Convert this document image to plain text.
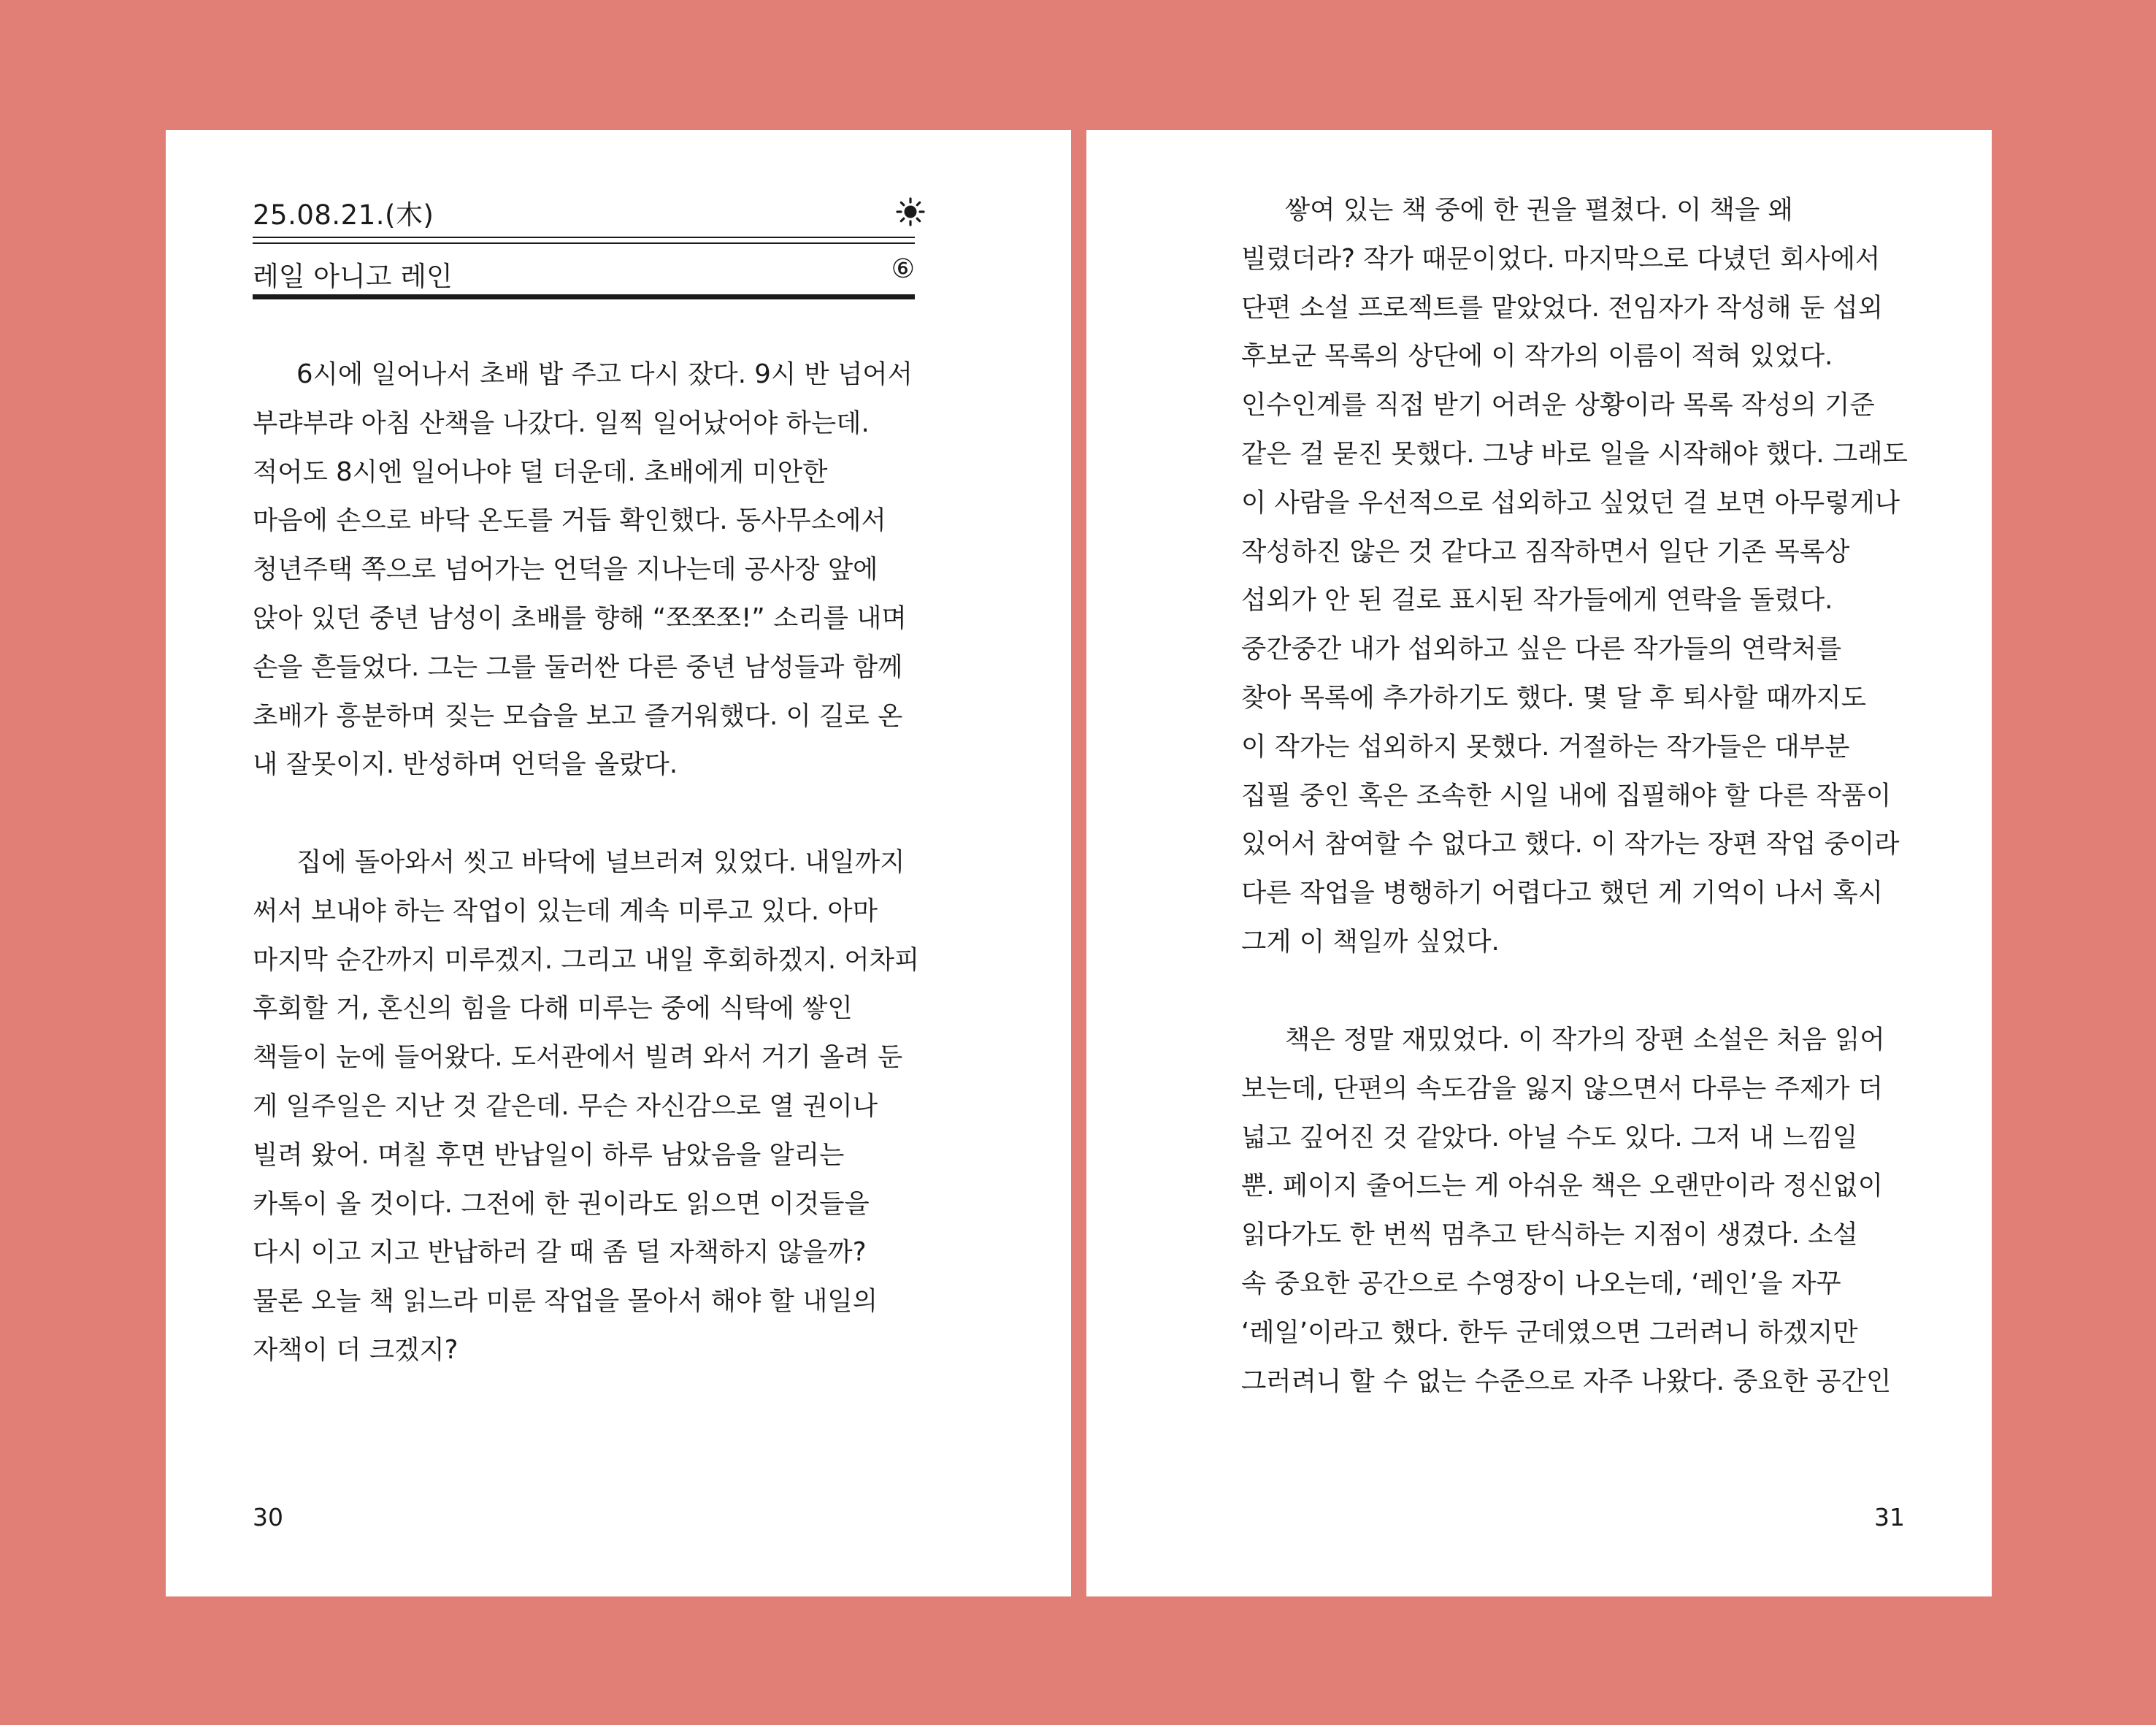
25.08.21.(木)
레일 아니고 레인	⑥
6시에 일어나서 초배 밥 주고 다시 잤다. 9시 반 넘어서
부랴부랴 아침 산책을 나갔다. 일찍 일어났어야 하는데.
적어도 8시엔 일어나야 덜 더운데. 초배에게 미안한
마음에 손으로 바닥 온도를 거듭 확인했다. 동사무소에서
청년주택 쪽으로 넘어가는 언덕을 지나는데 공사장 앞에
앉아 있던 중년 남성이 초배를 향해 “쪼쪼쪼!” 소리를 내며
손을 흔들었다. 그는 그를 둘러싼 다른 중년 남성들과 함께
초배가 흥분하며 짖는 모습을 보고 즐거워했다. 이 길로 온
내 잘못이지. 반성하며 언덕을 올랐다.
집에 돌아와서 씻고 바닥에 널브러져 있었다. 내일까지
써서 보내야 하는 작업이 있는데 계속 미루고 있다. 아마
마지막 순간까지 미루겠지. 그리고 내일 후회하겠지. 어차피
후회할 거, 혼신의 힘을 다해 미루는 중에 식탁에 쌓인
책들이 눈에 들어왔다. 도서관에서 빌려 와서 거기 올려 둔
게 일주일은 지난 것 같은데. 무슨 자신감으로 열 권이나
빌려 왔어. 며칠 후면 반납일이 하루 남았음을 알리는
카톡이 올 것이다. 그전에 한 권이라도 읽으면 이것들을
다시 이고 지고 반납하러 갈 때 좀 덜 자책하지 않을까?
물론 오늘 책 읽느라 미룬 작업을 몰아서 해야 할 내일의
자책이 더 크겠지?
30
쌓여 있는 책 중에 한 권을 펼쳤다. 이 책을 왜
빌렸더라? 작가 때문이었다. 마지막으로 다녔던 회사에서
단편 소설 프로젝트를 맡았었다. 전임자가 작성해 둔 섭외
후보군 목록의 상단에 이 작가의 이름이 적혀 있었다.
인수인계를 직접 받기 어려운 상황이라 목록 작성의 기준
같은 걸 묻진 못했다. 그냥 바로 일을 시작해야 했다. 그래도
이 사람을 우선적으로 섭외하고 싶었던 걸 보면 아무렇게나
작성하진 않은 것 같다고 짐작하면서 일단 기존 목록상
섭외가 안 된 걸로 표시된 작가들에게 연락을 돌렸다.
중간중간 내가 섭외하고 싶은 다른 작가들의 연락처를
찾아 목록에 추가하기도 했다. 몇 달 후 퇴사할 때까지도
이 작가는 섭외하지 못했다. 거절하는 작가들은 대부분
집필 중인 혹은 조속한 시일 내에 집필해야 할 다른 작품이
있어서 참여할 수 없다고 했다. 이 작가는 장편 작업 중이라
다른 작업을 병행하기 어렵다고 했던 게 기억이 나서 혹시
그게 이 책일까 싶었다.
책은 정말 재밌었다. 이 작가의 장편 소설은 처음 읽어
보는데, 단편의 속도감을 잃지 않으면서 다루는 주제가 더
넓고 깊어진 것 같았다. 아닐 수도 있다. 그저 내 느낌일
뿐. 페이지 줄어드는 게 아쉬운 책은 오랜만이라 정신없이
읽다가도 한 번씩 멈추고 탄식하는 지점이 생겼다. 소설
속 중요한 공간으로 수영장이 나오는데, ‘레인’을 자꾸
‘레일’이라고 했다. 한두 군데였으면 그러려니 하겠지만
그러려니 할 수 없는 수준으로 자주 나왔다. 중요한 공간인
31
